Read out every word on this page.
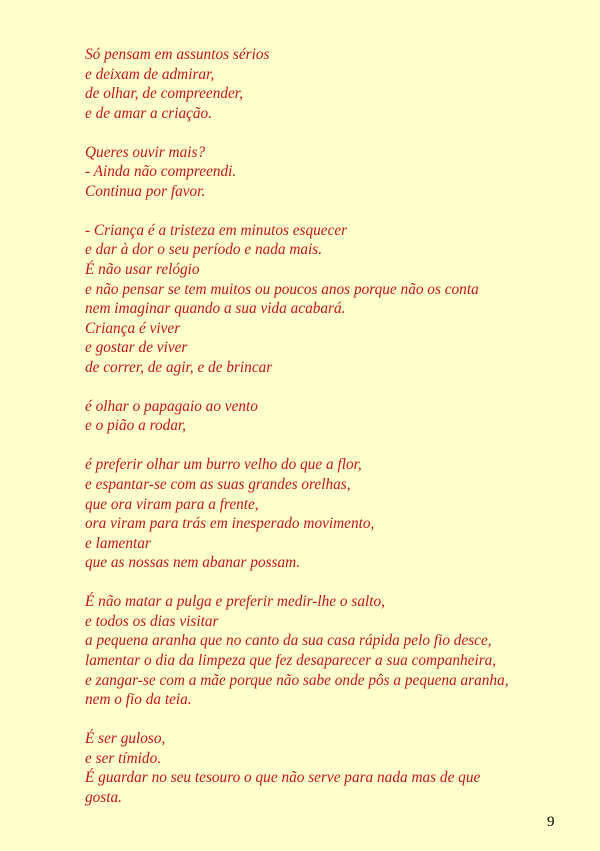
Só pensam em assuntos sérios
e deixam de admirar,
de olhar, de compreender,
e de amar a criação.
Queres ouvir mais?
- Ainda não compreendi.
Continua por favor.
- Criança é a tristeza em minutos esquecer
e dar à dor o seu período e nada mais.
É não usar relógio
e não pensar se tem muitos ou poucos anos porque não os conta
nem imaginar quando a sua vida acabará.
Criança é viver
e gostar de viver
de correr, de agir, e de brincar
é olhar o papagaio ao vento
e o pião a rodar,
é preferir olhar um burro velho do que a flor,
e espantar-se com as suas grandes orelhas,
que ora viram para a frente,
ora viram para trás em inesperado movimento,
e lamentar
que as nossas nem abanar possam.
É não matar a pulga e preferir medir-lhe o salto,
e todos os dias visitar
a pequena aranha que no canto da sua casa rápida pelo fio desce,
lamentar o dia da limpeza que fez desaparecer a sua companheira,
e zangar-se com a mãe porque não sabe onde pôs a pequena aranha,
nem o fio da teia.
É ser guloso,
e ser tímido.
É guardar no seu tesouro o que não serve para nada mas de que
gosta.
9
